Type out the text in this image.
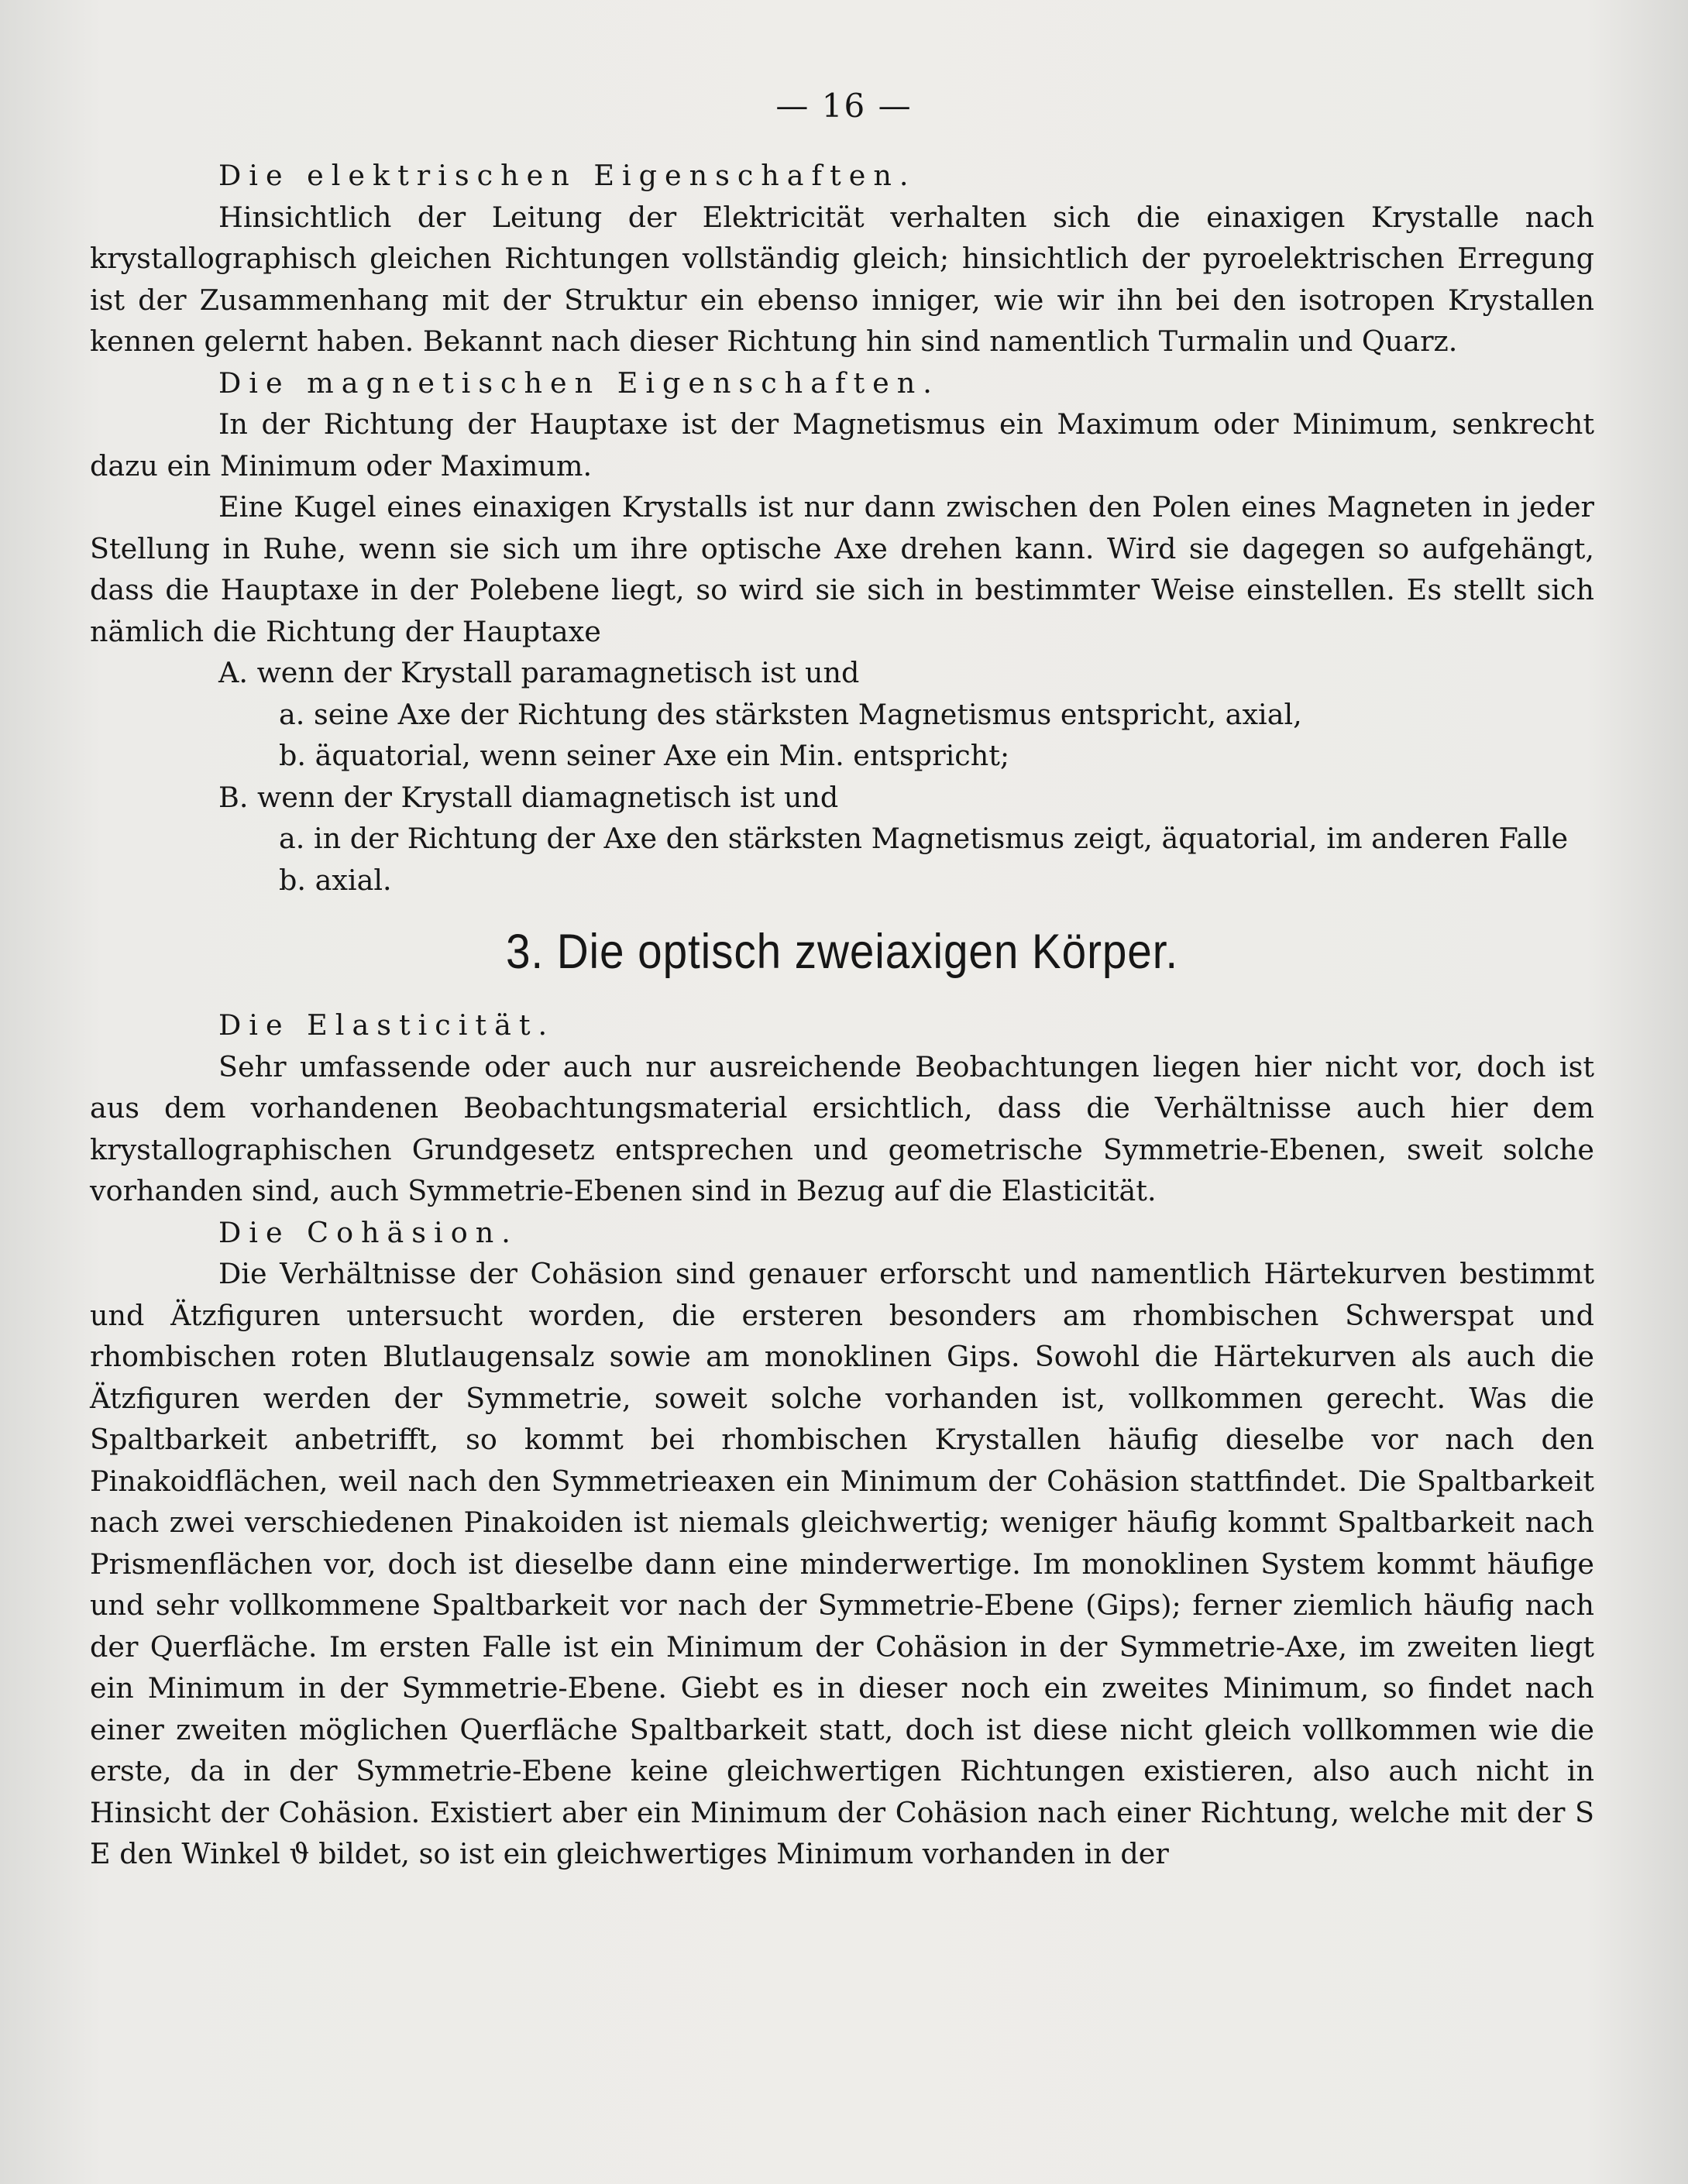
— 16 —

Die elektrischen Eigenschaften.

Hinsichtlich der Leitung der Elektricität verhalten sich die einaxigen Krystalle nach krystallographisch gleichen Richtungen vollständig gleich; hinsichtlich der pyroelektrischen Erregung ist der Zusammenhang mit der Struktur ein ebenso inniger, wie wir ihn bei den isotropen Krystallen kennen gelernt haben. Bekannt nach dieser Richtung hin sind namentlich Turmalin und Quarz.

Die magnetischen Eigenschaften.

In der Richtung der Hauptaxe ist der Magnetismus ein Maximum oder Minimum, senkrecht dazu ein Minimum oder Maximum.

Eine Kugel eines einaxigen Krystalls ist nur dann zwischen den Polen eines Magneten in jeder Stellung in Ruhe, wenn sie sich um ihre optische Axe drehen kann. Wird sie dagegen so aufgehängt, dass die Hauptaxe in der Polebene liegt, so wird sie sich in bestimmter Weise einstellen. Es stellt sich nämlich die Richtung der Hauptaxe

A. wenn der Krystall paramagnetisch ist und

a. seine Axe der Richtung des stärksten Magnetismus entspricht, axial,

b. äquatorial, wenn seiner Axe ein Min. entspricht;

B. wenn der Krystall diamagnetisch ist und

a. in der Richtung der Axe den stärksten Magnetismus zeigt, äquatorial, im anderen Falle

b. axial.

3. Die optisch zweiaxigen Körper.

Die Elasticität.

Sehr umfassende oder auch nur ausreichende Beobachtungen liegen hier nicht vor, doch ist aus dem vorhandenen Beobachtungsmaterial ersichtlich, dass die Verhältnisse auch hier dem krystallographischen Grundgesetz entsprechen und geometrische Symmetrie-Ebenen, sweit solche vorhanden sind, auch Symmetrie-Ebenen sind in Bezug auf die Elasticität.

Die Cohäsion.

Die Verhältnisse der Cohäsion sind genauer erforscht und namentlich Härtekurven bestimmt und Ätzfiguren untersucht worden, die ersteren besonders am rhombischen Schwerspat und rhombischen roten Blutlaugensalz sowie am monoklinen Gips. Sowohl die Härtekurven als auch die Ätzfiguren werden der Symmetrie, soweit solche vorhanden ist, vollkommen gerecht. Was die Spaltbarkeit anbetrifft, so kommt bei rhombischen Krystallen häufig dieselbe vor nach den Pinakoidflächen, weil nach den Symmetrieaxen ein Minimum der Cohäsion stattfindet. Die Spaltbarkeit nach zwei verschiedenen Pinakoiden ist niemals gleichwertig; weniger häufig kommt Spaltbarkeit nach Prismenflächen vor, doch ist dieselbe dann eine minderwertige. Im monoklinen System kommt häufige und sehr vollkommene Spaltbarkeit vor nach der Symmetrie-Ebene (Gips); ferner ziemlich häufig nach der Querfläche. Im ersten Falle ist ein Minimum der Cohäsion in der Symmetrie-Axe, im zweiten liegt ein Minimum in der Symmetrie-Ebene. Giebt es in dieser noch ein zweites Minimum, so findet nach einer zweiten möglichen Querfläche Spaltbarkeit statt, doch ist diese nicht gleich vollkommen wie die erste, da in der Symmetrie-Ebene keine gleichwertigen Richtungen existieren, also auch nicht in Hinsicht der Cohäsion. Existiert aber ein Minimum der Cohäsion nach einer Richtung, welche mit der S E den Winkel ϑ bildet, so ist ein gleichwertiges Minimum vorhanden in der
